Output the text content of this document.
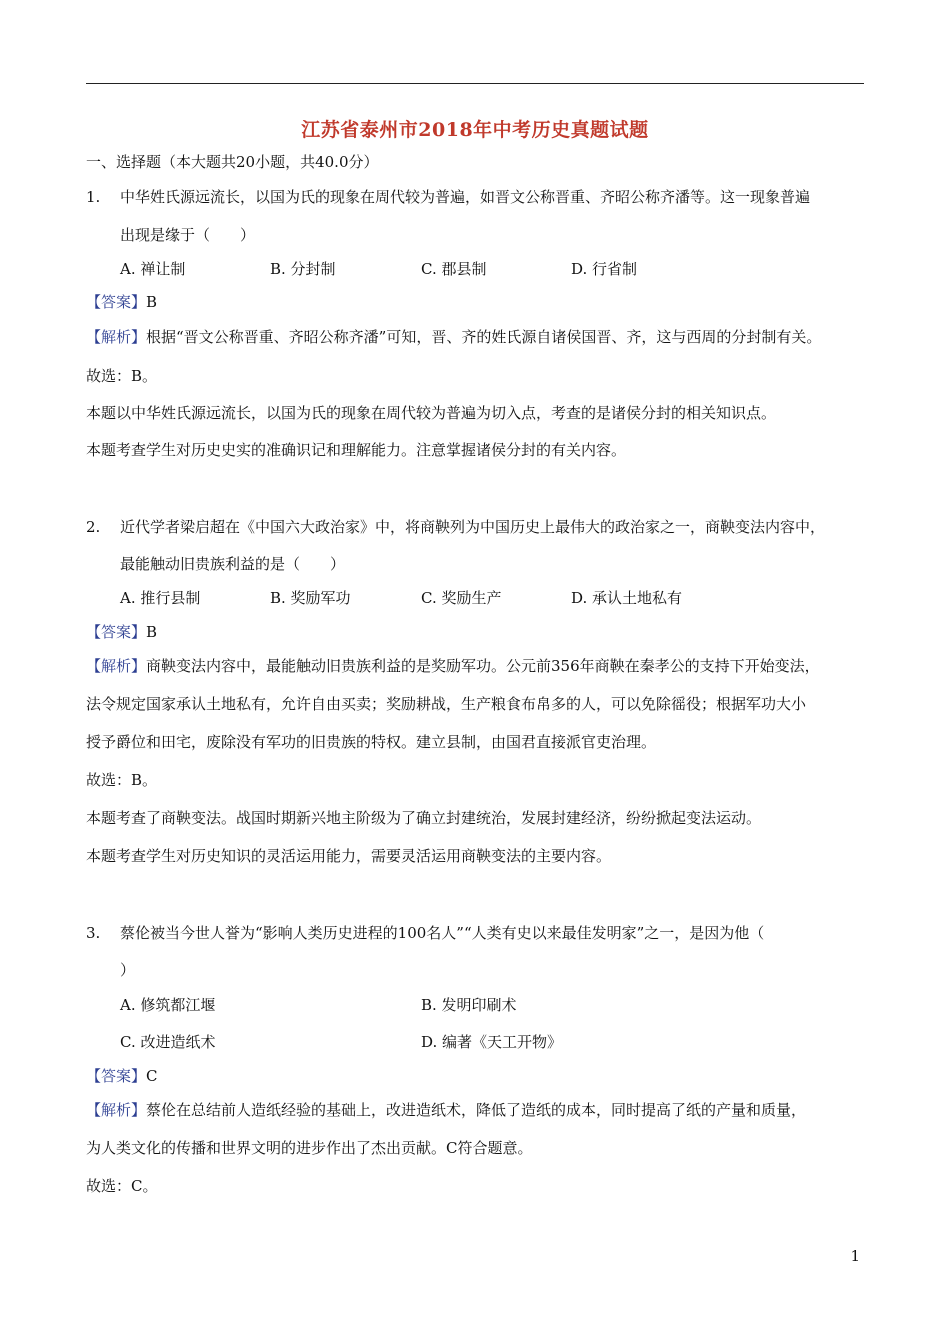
江苏省泰州市2018年中考历史真题试题
一、选择题（本大题共20小题，共40.0分）
1. 中华姓氏源远流长，以国为氏的现象在周代较为普遍，如晋文公称晋重、齐昭公称齐潘等。这一现象普遍
出现是缘于（　　）
A. 禅让制	B. 分封制	C. 郡县制	D. 行省制
【答案】B
【解析】根据“晋文公称晋重、齐昭公称齐潘”可知，晋、齐的姓氏源自诸侯国晋、齐，这与西周的分封制有关。
故选：B。
本题以中华姓氏源远流长，以国为氏的现象在周代较为普遍为切入点，考查的是诸侯分封的相关知识点。
本题考查学生对历史史实的准确识记和理解能力。注意掌握诸侯分封的有关内容。
2. 近代学者梁启超在《中国六大政治家》中，将商鞅列为中国历史上最伟大的政治家之一，商鞅变法内容中，
最能触动旧贵族利益的是（　　）
A. 推行县制	B. 奖励军功	C. 奖励生产	D. 承认土地私有
【答案】B
【解析】商鞅变法内容中，最能触动旧贵族利益的是奖励军功。公元前356年商鞅在秦孝公的支持下开始变法，
法令规定国家承认土地私有，允许自由买卖；奖励耕战，生产粮食布帛多的人，可以免除徭役；根据军功大小
授予爵位和田宅，废除没有军功的旧贵族的特权。建立县制，由国君直接派官吏治理。
故选：B。
本题考查了商鞅变法。战国时期新兴地主阶级为了确立封建统治，发展封建经济，纷纷掀起变法运动。
本题考查学生对历史知识的灵活运用能力，需要灵活运用商鞅变法的主要内容。
3. 蔡伦被当今世人誉为“影响人类历史进程的100名人”“人类有史以来最佳发明家”之一，是因为他（
）
A. 修筑都江堰	B. 发明印刷术
C. 改进造纸术	D. 编著《天工开物》
【答案】C
【解析】蔡伦在总结前人造纸经验的基础上，改进造纸术，降低了造纸的成本，同时提高了纸的产量和质量，
为人类文化的传播和世界文明的进步作出了杰出贡献。C符合题意。
故选：C。
1
